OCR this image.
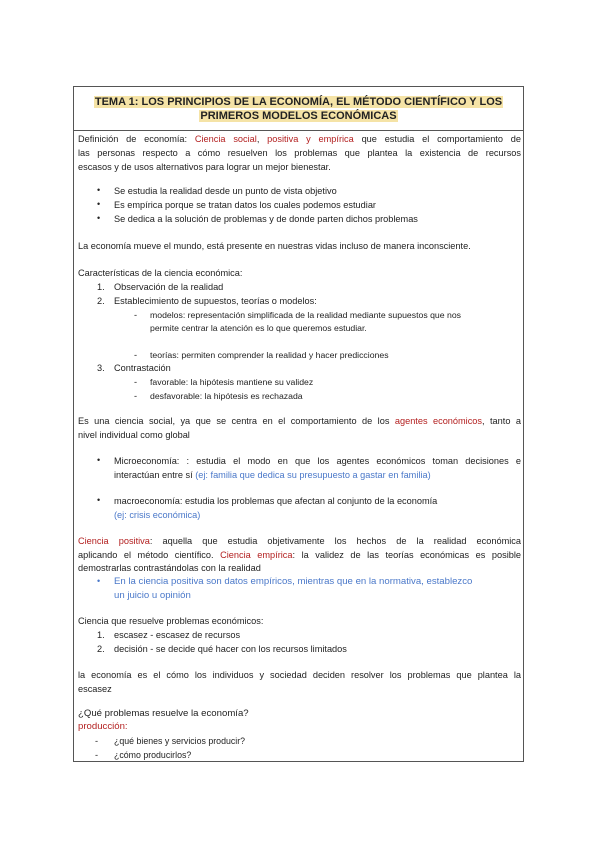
TEMA 1: LOS PRINCIPIOS DE LA ECONOMÍA, EL MÉTODO CIENTÍFICO Y LOS
PRIMEROS MODELOS ECONÓMICAS
Definición de economía: Ciencia social, positiva y empírica que estudia el comportamiento de
las personas respecto a cómo resuelven los problemas que plantea la existencia de recursos
escasos y de usos alternativos para lograr un mejor bienestar.
• Se estudia la realidad desde un punto de vista objetivo
• Es empírica porque se tratan datos los cuales podemos estudiar
• Se dedica a la solución de problemas y de donde parten dichos problemas
La economía mueve el mundo, está presente en nuestras vidas incluso de manera inconsciente.
Características de la ciencia económica:
1. Observación de la realidad
2. Establecimiento de supuestos, teorías o modelos:
- modelos: representación simplificada de la realidad mediante supuestos que nos
permite centrar la atención es lo que queremos estudiar.
- teorías: permiten comprender la realidad y hacer predicciones
3. Contrastación
- favorable: la hipótesis mantiene su validez
- desfavorable: la hipótesis es rechazada
Es una ciencia social, ya que se centra en el comportamiento de los agentes económicos, tanto a
nivel individual como global
• Microeconomía: : estudia el modo en que los agentes económicos toman decisiones e
interactúan entre sí (ej: familia que dedica su presupuesto a gastar en familia)
• macroeconomía: estudia los problemas que afectan al conjunto de la economía
(ej: crisis económica)
Ciencia positiva: aquella que estudia objetivamente los hechos de la realidad económica
aplicando el método científico. Ciencia empírica: la validez de las teorías económicas es posible
demostrarlas contrastándolas con la realidad
• En la ciencia positiva son datos empíricos, mientras que en la normativa, establezco
un juicio u opinión
Ciencia que resuelve problemas económicos:
1. escasez - escasez de recursos
2. decisión - se decide qué hacer con los recursos limitados
la economía es el cómo los individuos y sociedad deciden resolver los problemas que plantea la
escasez
¿Qué problemas resuelve la economía?
producción:
- ¿qué bienes y servicios producir?
- ¿cómo producirlos?
